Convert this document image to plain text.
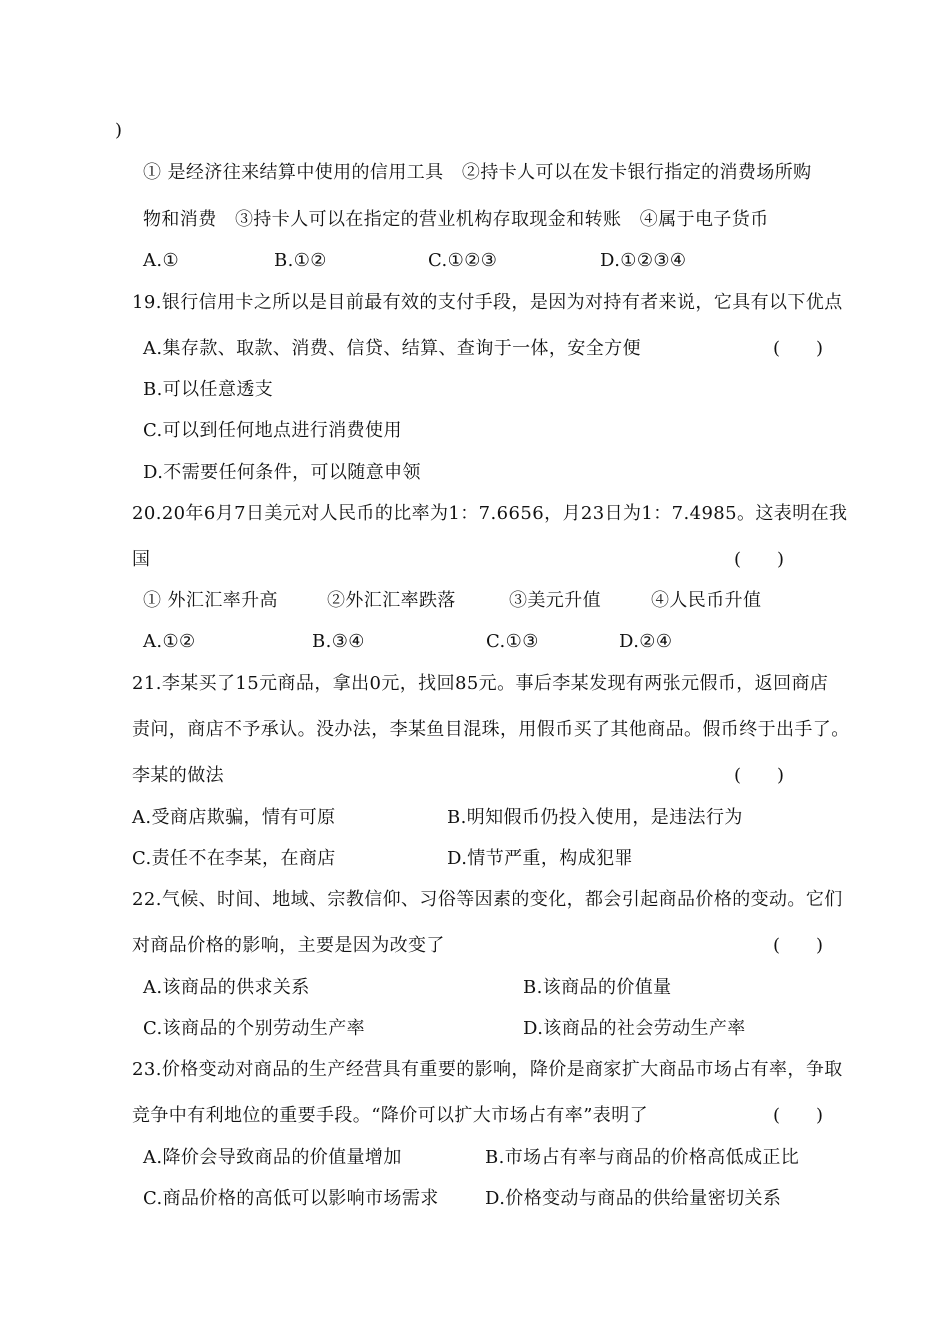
)
① 是经济往来结算中使用的信用工具　②持卡人可以在发卡银行指定的消费场所购
物和消费　③持卡人可以在指定的营业机构存取现金和转账　④属于电子货币
A.①	B.①②	C.①②③	D.①②③④
19.银行信用卡之所以是目前最有效的支付手段，是因为对持有者来说，它具有以下优点
A.集存款、取款、消费、信贷、结算、查询于一体，安全方便	(　　)
B.可以任意透支
C.可以到任何地点进行消费使用
D.不需要任何条件，可以随意申领
20.20年6月7日美元对人民币的比率为1：7.6656，月23日为1：7.4985。这表明在我
国	(　　)
① 外汇汇率升高	②外汇汇率跌落	③美元升值	④人民币升值
A.①②	B.③④	C.①③	D.②④
21.李某买了15元商品，拿出0元，找回85元。事后李某发现有两张元假币，返回商店
责问，商店不予承认。没办法，李某鱼目混珠，用假币买了其他商品。假币终于出手了。
李某的做法	(　　)
A.受商店欺骗，情有可原	B.明知假币仍投入使用，是违法行为
C.责任不在李某，在商店	D.情节严重，构成犯罪
22.气候、时间、地域、宗教信仰、习俗等因素的变化，都会引起商品价格的变动。它们
对商品价格的影响，主要是因为改变了	(　　)
A.该商品的供求关系	B.该商品的价值量
C.该商品的个别劳动生产率	D.该商品的社会劳动生产率
23.价格变动对商品的生产经营具有重要的影响，降价是商家扩大商品市场占有率，争取
竞争中有利地位的重要手段。“降价可以扩大市场占有率”表明了	(　　)
A.降价会导致商品的价值量增加	B.市场占有率与商品的价格高低成正比
C.商品价格的高低可以影响市场需求	D.价格变动与商品的供给量密切关系
